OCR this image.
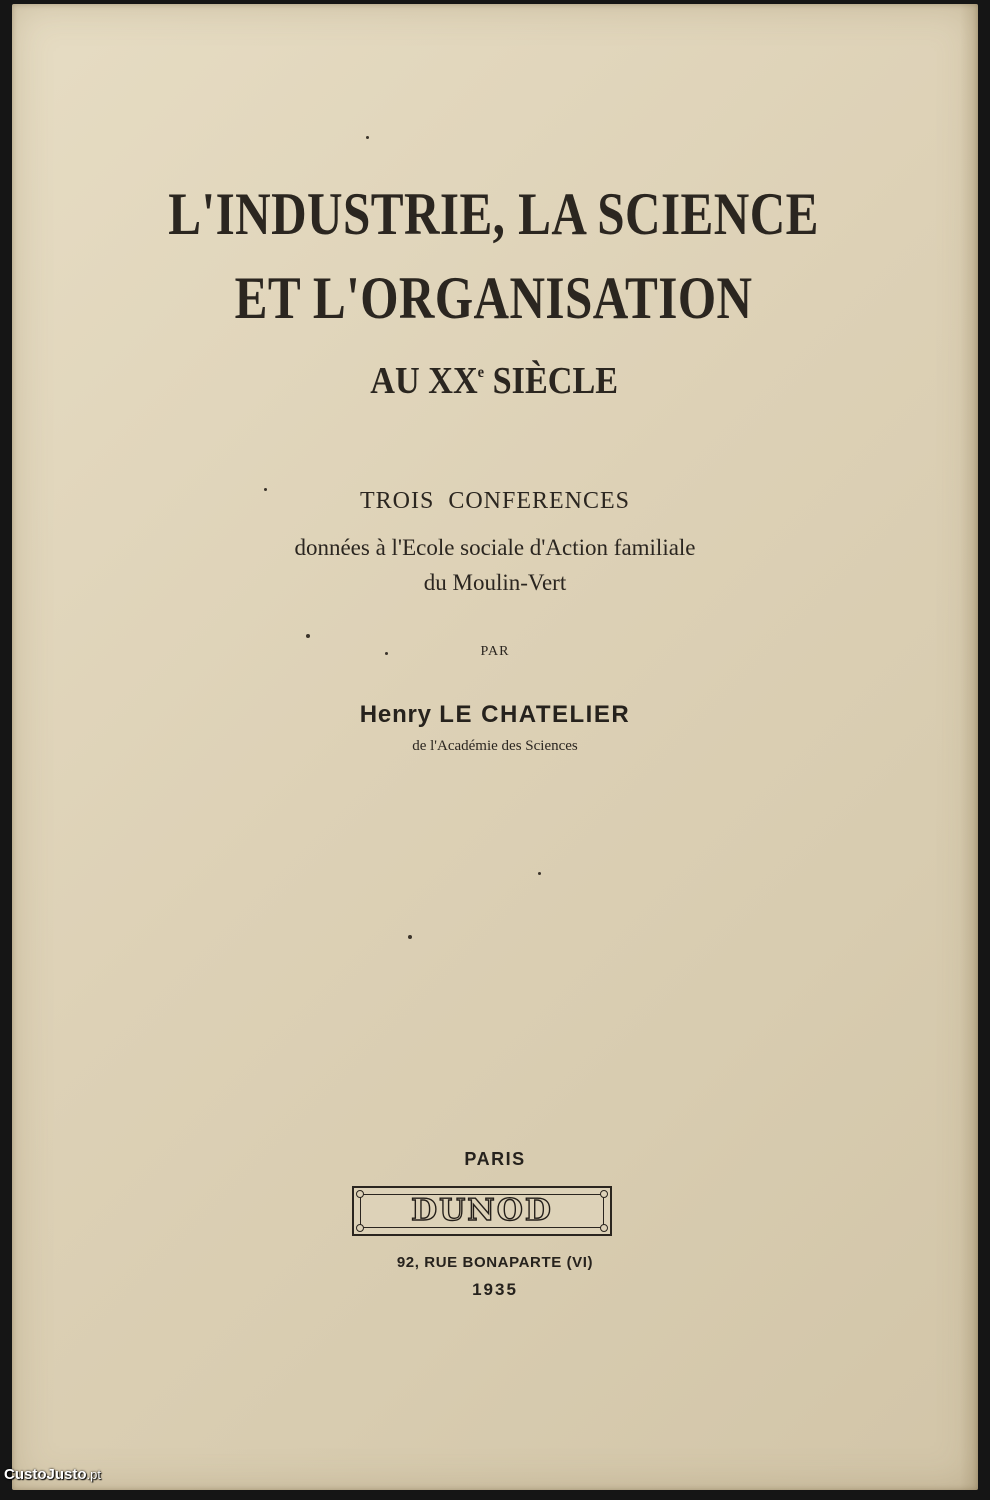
L'INDUSTRIE, LA SCIENCE
ET L'ORGANISATION
AU XXe SIÈCLE
TROIS CONFERENCES
données à l'Ecole sociale d'Action familiale
du Moulin-Vert
PAR
Henry LE CHATELIER
de l'Académie des Sciences
PARIS
DUNOD
92, RUE BONAPARTE (VI)
1935
CustoJusto.pt
